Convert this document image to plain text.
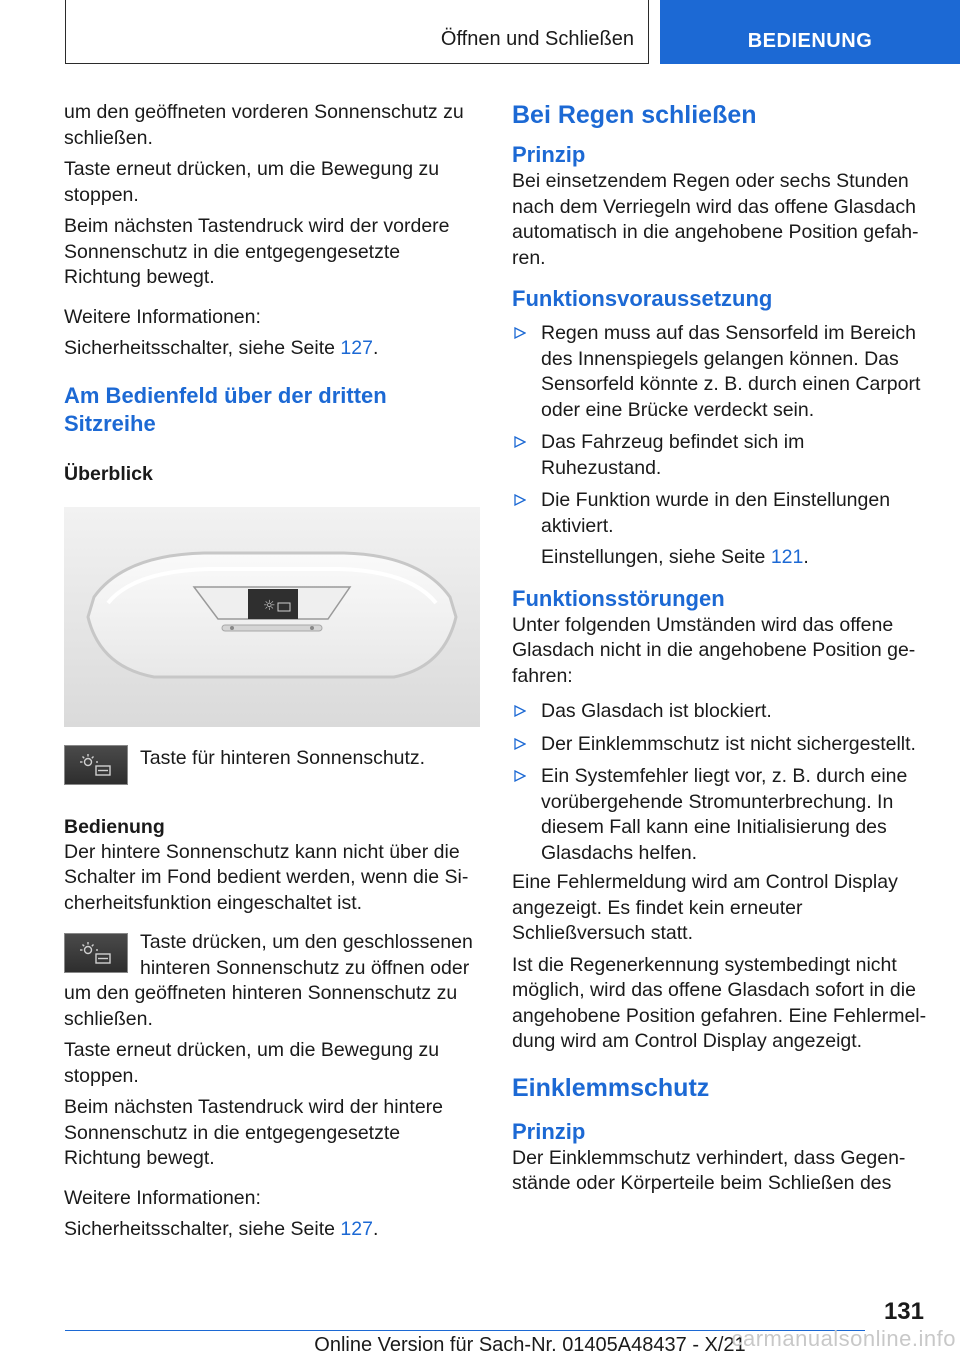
Öffnen und Schließen	BEDIENUNG

um den geöffneten vorderen Sonnenschutz zu schließen.

Taste erneut drücken, um die Bewegung zu stoppen.

Beim nächsten Tastendruck wird der vordere Sonnenschutz in die entgegengesetzte Richtung bewegt.

Weitere Informationen:

Sicherheitsschalter, siehe Seite 127.

Am Bedienfeld über der dritten Sitzreihe
Überblick
☼

Taste für hinteren Sonnenschutz.

Bedienung

Der hintere Sonnenschutz kann nicht über die Schalter im Fond bedient werden, wenn die Sicherheitsfunktion eingeschaltet ist.

Taste drücken, um den geschlossenen hinteren Sonnenschutz zu öffnen oder um den geöffneten hinteren Sonnenschutz zu schließen.

Taste erneut drücken, um die Bewegung zu stoppen.

Beim nächsten Tastendruck wird der hintere Sonnenschutz in die entgegengesetzte Richtung bewegt.

Weitere Informationen:

Sicherheitsschalter, siehe Seite 127.

Bei Regen schließen
Prinzip

Bei einsetzendem Regen oder sechs Stunden nach dem Verriegeln wird das offene Glasdach automatisch in die angehobene Position gefahren.

Funktionsvoraussetzung
Regen muss auf das Sensorfeld im Bereich des Innenspiegels gelangen können. Das Sensorfeld könnte z. B. durch einen Carport oder eine Brücke verdeckt sein.
Das Fahrzeug befindet sich im Ruhezustand.
Die Funktion wurde in den Einstellungen aktiviert.

Einstellungen, siehe Seite 121.

Funktionsstörungen

Unter folgenden Umständen wird das offene Glasdach nicht in die angehobene Position gefahren:

Das Glasdach ist blockiert.
Der Einklemmschutz ist nicht sichergestellt.
Ein Systemfehler liegt vor, z. B. durch eine vorübergehende Stromunterbrechung. In diesem Fall kann eine Initialisierung des Glasdachs helfen.

Eine Fehlermeldung wird am Control Display angezeigt. Es findet kein erneuter Schließversuch statt.

Ist die Regenerkennung systembedingt nicht möglich, wird das offene Glasdach sofort in die angehobene Position gefahren. Eine Fehlermeldung wird am Control Display angezeigt.

Einklemmschutz
Prinzip

Der Einklemmschutz verhindert, dass Gegenstände oder Körperteile beim Schließen des

131
Online Version für Sach-Nr. 01405A48437 - X/21
carmanualsonline.info
